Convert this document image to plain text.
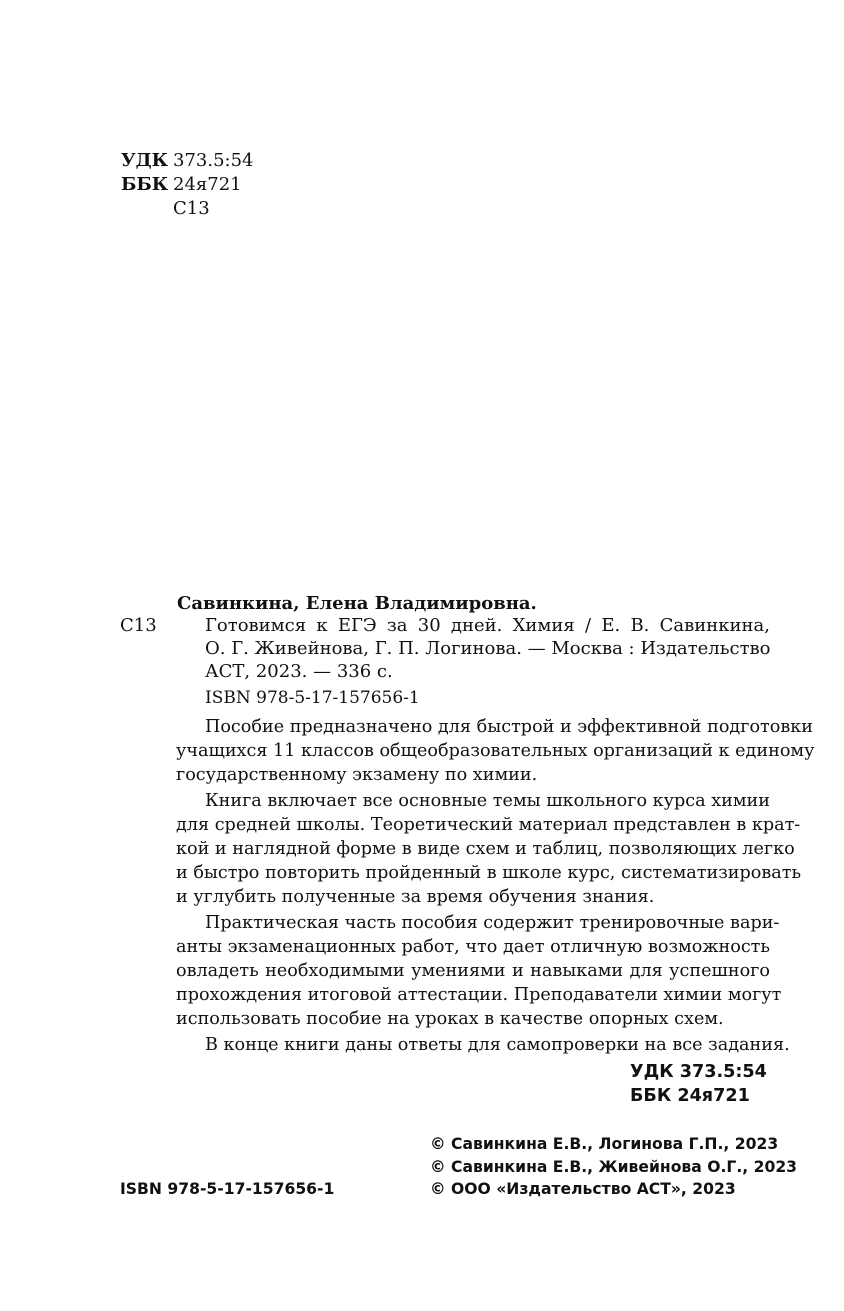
УДК 373.5:54
ББК 24я721
С13
Савинкина, Елена Владимировна.
С13	Готовимся к ЕГЭ за 30 дней. Химия / Е. В. Савинкина,
О. Г. Живейнова, Г. П. Логинова. — Москва : Издательство
АСТ, 2023. — 336 с.
ISBN 978-5-17-157656-1
Пособие предназначено для быстрой и эффективной подготовки
учащихся 11 классов общеобразовательных организаций к единому
государственному экзамену по химии.
Книга включает все основные темы школьного курса химии
для средней школы. Теоретический материал представлен в крат-
кой и наглядной форме в виде схем и таблиц, позволяющих легко
и быстро повторить пройденный в школе курс, систематизировать
и углубить полученные за время обучения знания.
Практическая часть пособия содержит тренировочные вари-
анты экзаменационных работ, что дает отличную возможность
овладеть необходимыми умениями и навыками для успешного
прохождения итоговой аттестации. Преподаватели химии могут
использовать пособие на уроках в качестве опорных схем.
В конце книги даны ответы для самопроверки на все задания.
УДК 373.5:54
ББК 24я721
© Савинкина Е.В., Логинова Г.П., 2023
© Савинкина Е.В., Живейнова О.Г., 2023
© ООО «Издательство АСТ», 2023
ISBN 978-5-17-157656-1
